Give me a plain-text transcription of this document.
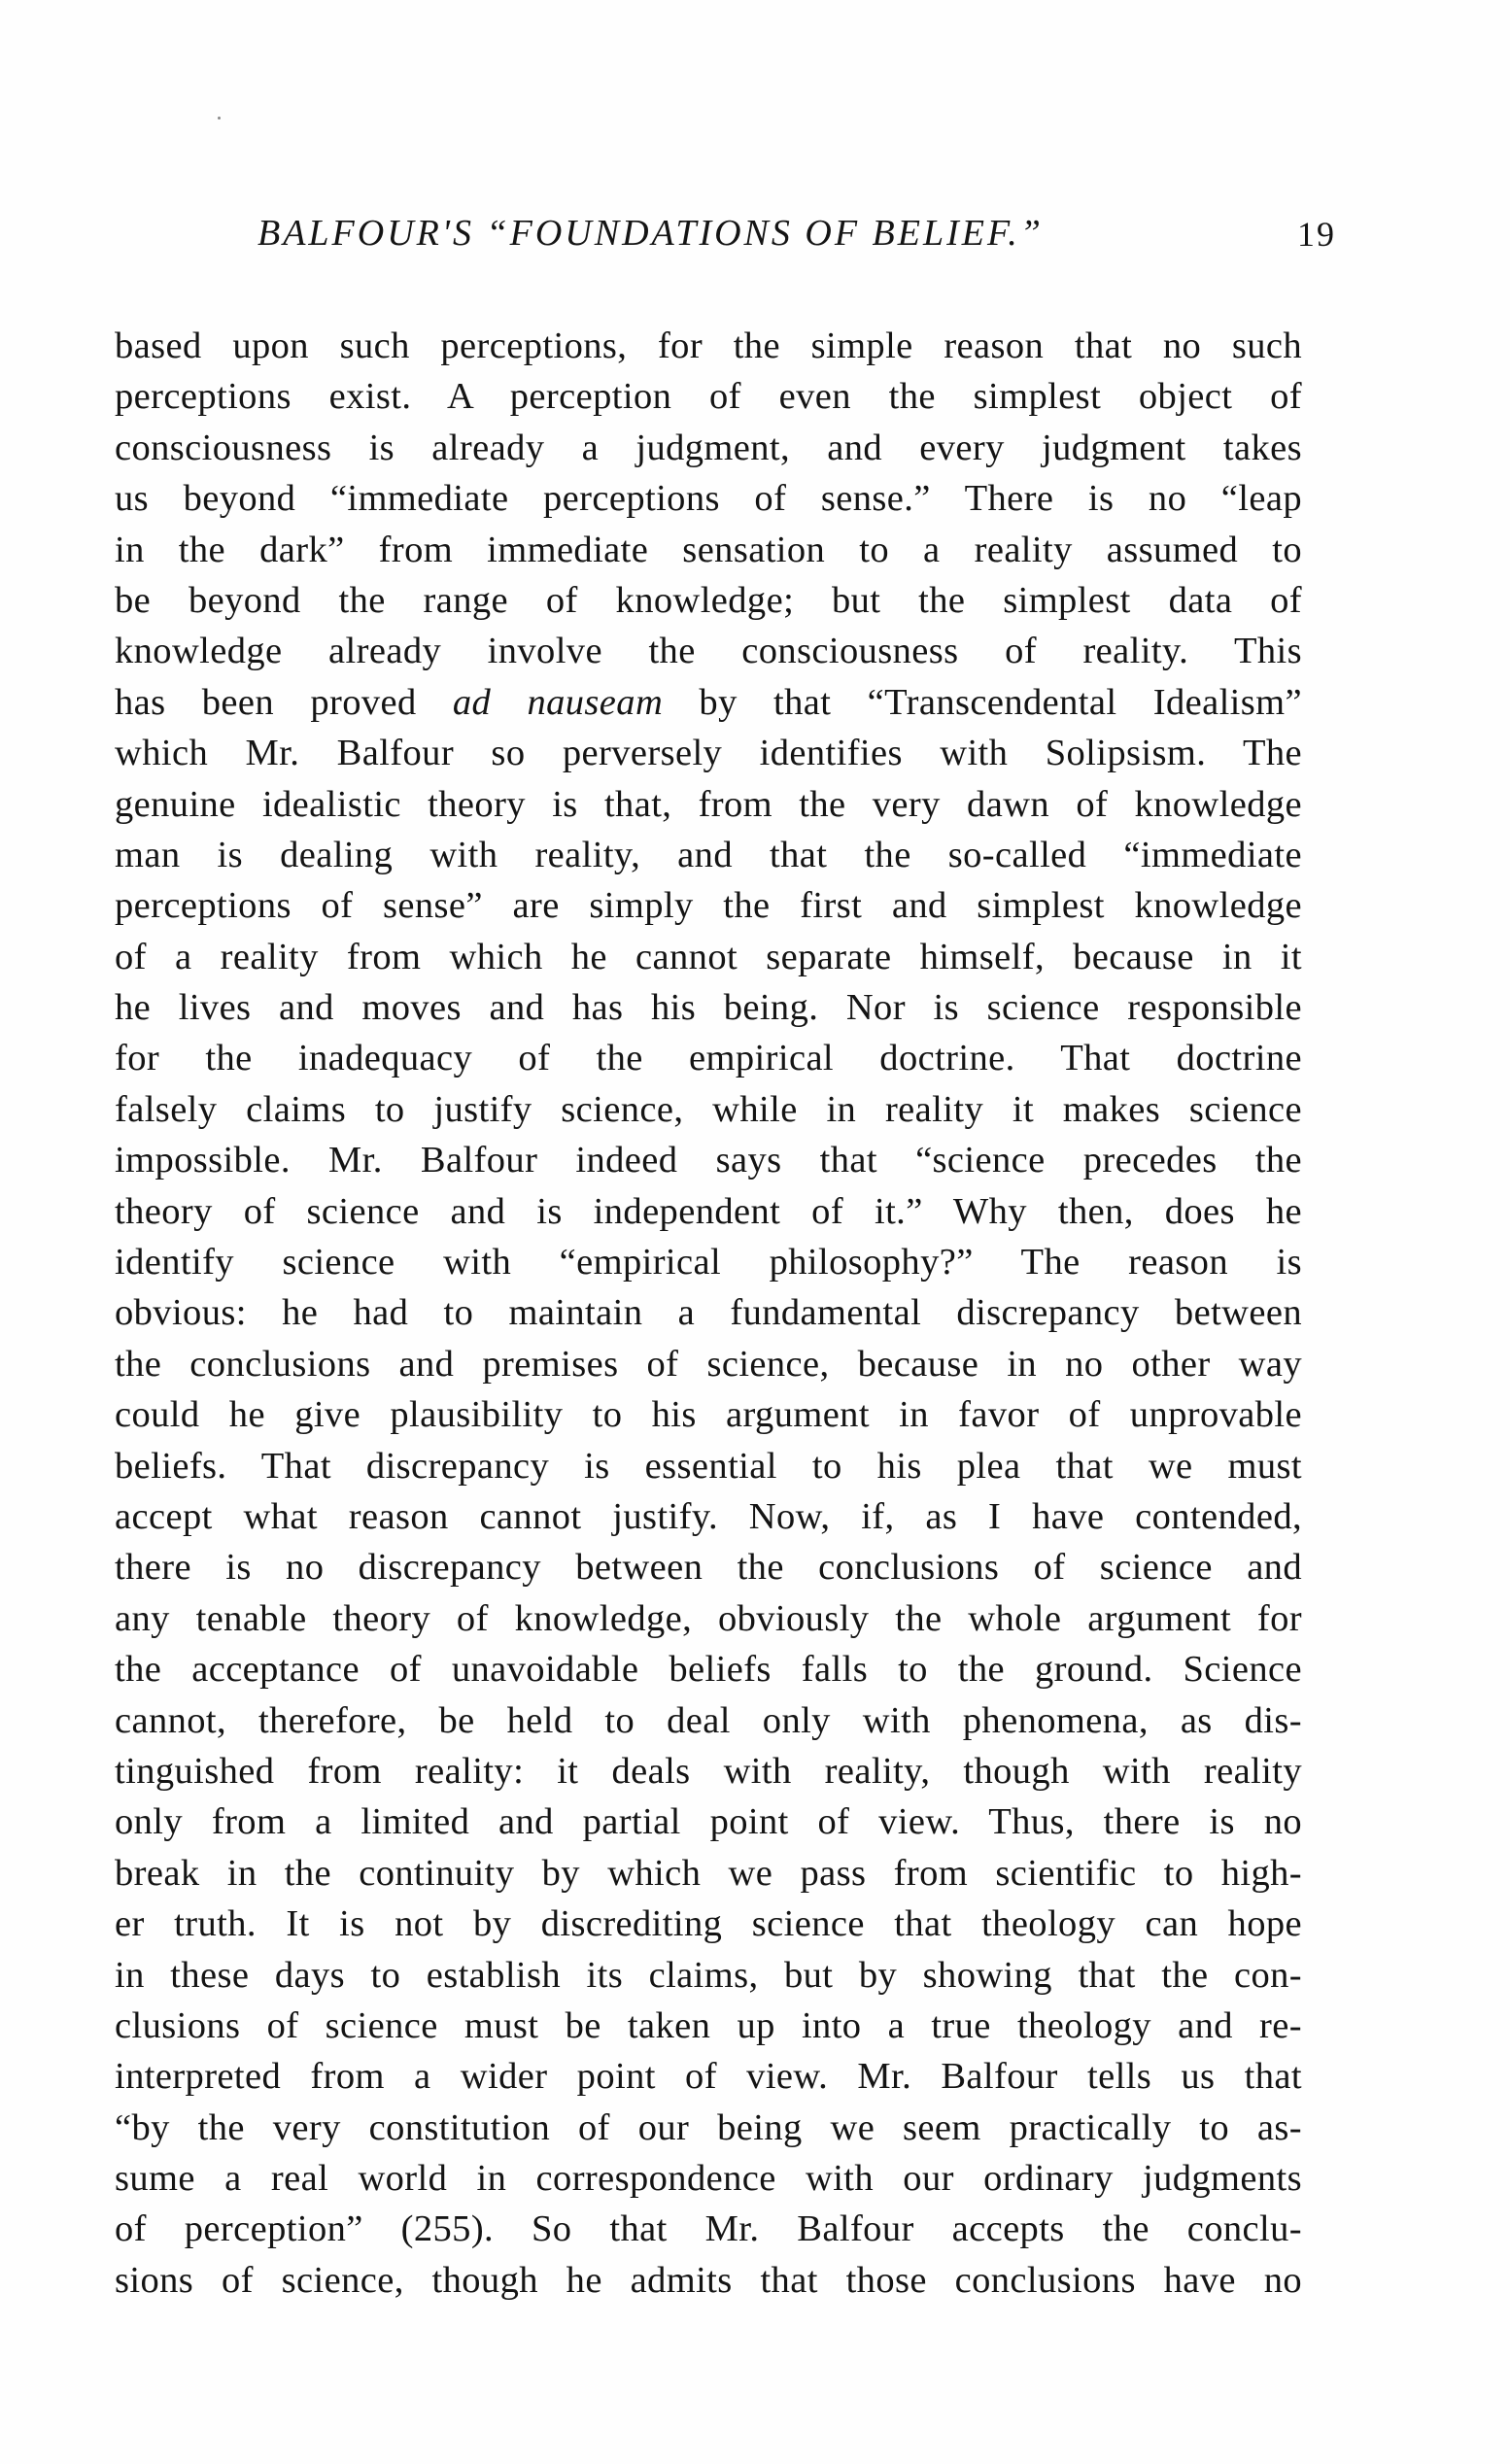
BALFOUR'S “FOUNDATIONS OF BELIEF.”	19
based upon such perceptions, for the simple reason that no such
perceptions exist. A perception of even the simplest object of
consciousness is already a judgment, and every judgment takes
us beyond “immediate perceptions of sense.” There is no “leap
in the dark” from immediate sensation to a reality assumed to
be beyond the range of knowledge; but the simplest data of
knowledge already involve the consciousness of reality. This
has been proved ad nauseam by that “Transcendental Idealism”
which Mr. Balfour so perversely identifies with Solipsism. The
genuine idealistic theory is that, from the very dawn of knowledge
man is dealing with reality, and that the so-called “immediate
perceptions of sense” are simply the first and simplest knowledge
of a reality from which he cannot separate himself, because in it
he lives and moves and has his being. Nor is science responsible
for the inadequacy of the empirical doctrine. That doctrine
falsely claims to justify science, while in reality it makes science
impossible. Mr. Balfour indeed says that “science precedes the
theory of science and is independent of it.” Why then, does he
identify science with “empirical philosophy?” The reason is
obvious: he had to maintain a fundamental discrepancy between
the conclusions and premises of science, because in no other way
could he give plausibility to his argument in favor of unprovable
beliefs. That discrepancy is essential to his plea that we must
accept what reason cannot justify. Now, if, as I have contended,
there is no discrepancy between the conclusions of science and
any tenable theory of knowledge, obviously the whole argument for
the acceptance of unavoidable beliefs falls to the ground. Science
cannot, therefore, be held to deal only with phenomena, as dis-
tinguished from reality: it deals with reality, though with reality
only from a limited and partial point of view. Thus, there is no
break in the continuity by which we pass from scientific to high-
er truth. It is not by discrediting science that theology can hope
in these days to establish its claims, but by showing that the con-
clusions of science must be taken up into a true theology and re-
interpreted from a wider point of view. Mr. Balfour tells us that
“by the very constitution of our being we seem practically to as-
sume a real world in correspondence with our ordinary judgments
of perception” (255). So that Mr. Balfour accepts the conclu-
sions of science, though he admits that those conclusions have no
